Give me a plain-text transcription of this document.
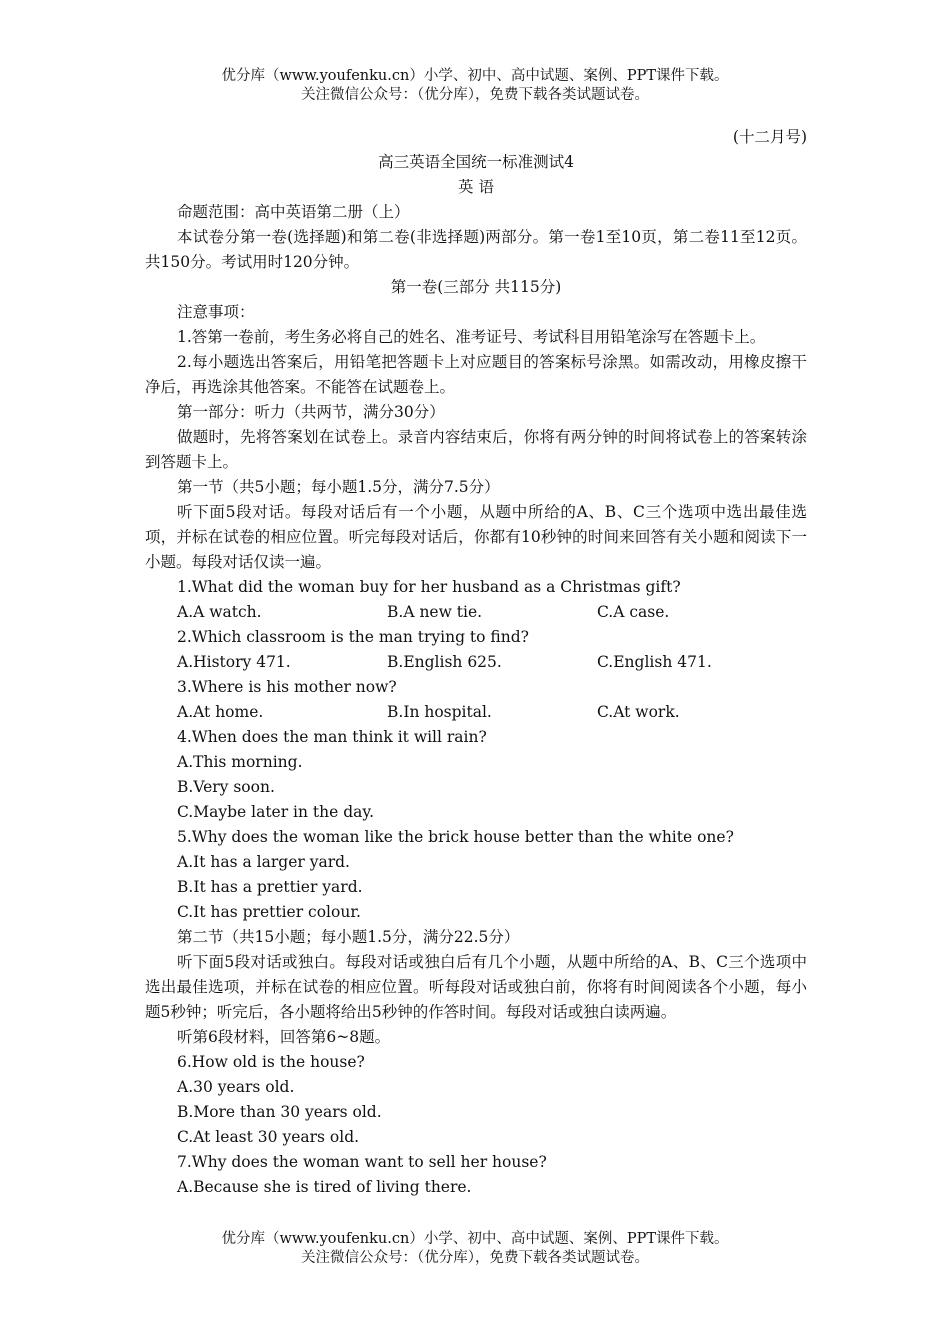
优分库（www.youfenku.cn）小学、初中、高中试题、案例、PPT课件下载。
关注微信公众号：（优分库），免费下载各类试题试卷。
(十二月号)
高三英语全国统一标准测试4
英 语
命题范围：高中英语第二册（上）
本试卷分第一卷(选择题)和第二卷(非选择题)两部分。第一卷1至10页，第二卷11至12页。共150分。考试用时120分钟。
第一卷(三部分 共115分)
注意事项：
1.答第一卷前，考生务必将自己的姓名、准考证号、考试科目用铅笔涂写在答题卡上。
2.每小题选出答案后，用铅笔把答题卡上对应题目的答案标号涂黑。如需改动，用橡皮擦干净后，再选涂其他答案。不能答在试题卷上。
第一部分：听力（共两节，满分30分）
做题时，先将答案划在试卷上。录音内容结束后，你将有两分钟的时间将试卷上的答案转涂到答题卡上。
第一节（共5小题；每小题1.5分，满分7.5分）
听下面5段对话。每段对话后有一个小题，从题中所给的A、B、C三个选项中选出最佳选项，并标在试卷的相应位置。听完每段对话后，你都有10秒钟的时间来回答有关小题和阅读下一小题。每段对话仅读一遍。
1.What did the woman buy for her husband as a Christmas gift?
A.A watch.	B.A new tie.	C.A case.
2.Which classroom is the man trying to find?
A.History 471.	B.English 625.	C.English 471.
3.Where is his mother now?
A.At home.	B.In hospital.	C.At work.
4.When does the man think it will rain?
A.This morning.
B.Very soon.
C.Maybe later in the day.
5.Why does the woman like the brick house better than the white one?
A.It has a larger yard.
B.It has a prettier yard.
C.It has prettier colour.
第二节（共15小题；每小题1.5分，满分22.5分）
听下面5段对话或独白。每段对话或独白后有几个小题，从题中所给的A、B、C三个选项中选出最佳选项，并标在试卷的相应位置。听每段对话或独白前，你将有时间阅读各个小题，每小题5秒钟；听完后，各小题将给出5秒钟的作答时间。每段对话或独白读两遍。
听第6段材料，回答第6~8题。
6.How old is the house?
A.30 years old.
B.More than 30 years old.
C.At least 30 years old.
7.Why does the woman want to sell her house?
A.Because she is tired of living there.
优分库（www.youfenku.cn）小学、初中、高中试题、案例、PPT课件下载。
关注微信公众号：（优分库），免费下载各类试题试卷。
